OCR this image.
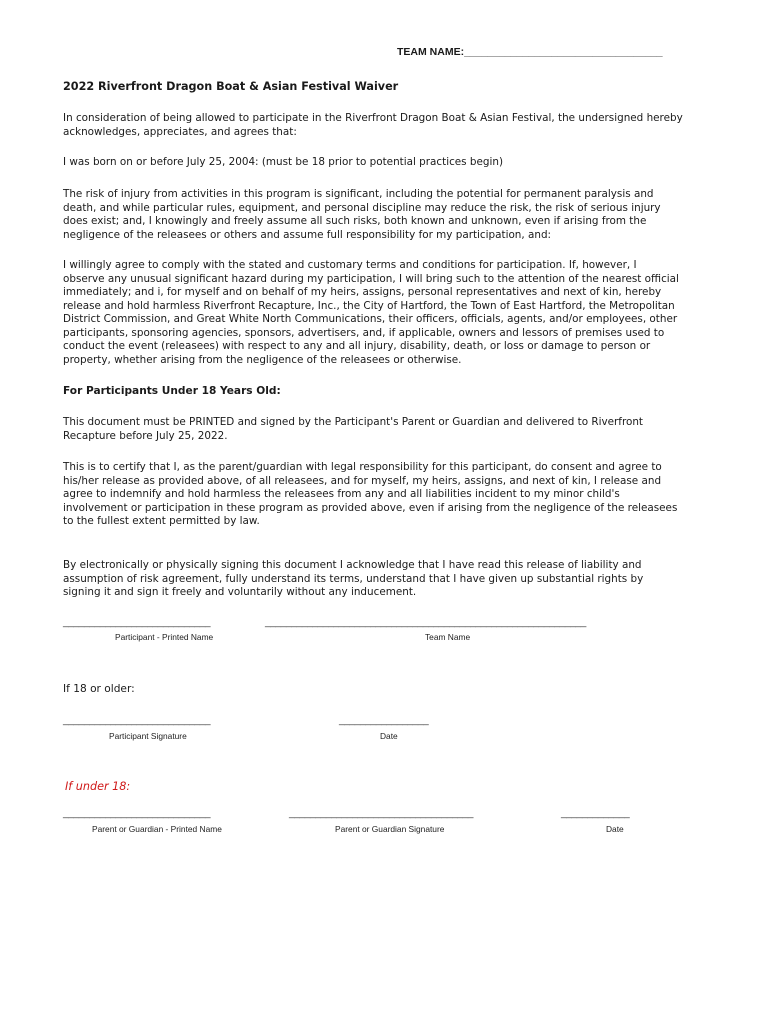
TEAM NAME:__________________________________
2022 Riverfront Dragon Boat & Asian Festival Waiver
In consideration of being allowed to participate in the Riverfront Dragon Boat & Asian Festival, the undersigned hereby
acknowledges, appreciates, and agrees that:
I was born on or before July 25, 2004: (must be 18 prior to potential practices begin)
The risk of injury from activities in this program is significant, including the potential for permanent paralysis and
death, and while particular rules, equipment, and personal discipline may reduce the risk, the risk of serious injury
does exist; and, I knowingly and freely assume all such risks, both known and unknown, even if arising from the
negligence of the releasees or others and assume full responsibility for my participation, and:
I willingly agree to comply with the stated and customary terms and conditions for participation. If, however, I
observe any unusual significant hazard during my participation, I will bring such to the attention of the nearest official
immediately; and i, for myself and on behalf of my heirs, assigns, personal representatives and next of kin, hereby
release and hold harmless Riverfront Recapture, Inc., the City of Hartford, the Town of East Hartford, the Metropolitan
District Commission, and Great White North Communications, their officers, officials, agents, and/or employees, other
participants, sponsoring agencies, sponsors, advertisers, and, if applicable, owners and lessors of premises used to
conduct the event (releasees) with respect to any and all injury, disability, death, or loss or damage to person or
property, whether arising from the negligence of the releasees or otherwise.
For Participants Under 18 Years Old:
This document must be PRINTED and signed by the Participant's Parent or Guardian and delivered to Riverfront
Recapture before July 25, 2022.
This is to certify that I, as the parent/guardian with legal responsibility for this participant, do consent and agree to
his/her release as provided above, of all releasees, and for myself, my heirs, assigns, and next of kin, I release and
agree to indemnify and hold harmless the releasees from any and all liabilities incident to my minor child's
involvement or participation in these program as provided above, even if arising from the negligence of the releasees
to the fullest extent permitted by law.
By electronically or physically signing this document I acknowledge that I have read this release of liability and
assumption of risk agreement, fully understand its terms, understand that I have given up substantial rights by
signing it and sign it freely and voluntarily without any inducement.
____________________________	_____________________________________________________________
Participant - Printed Name	Team Name
If 18 or older:
____________________________	_________________
Participant Signature	Date
If under 18:
____________________________	___________________________________	_____________
Parent or Guardian - Printed Name	Parent or Guardian Signature	Date
